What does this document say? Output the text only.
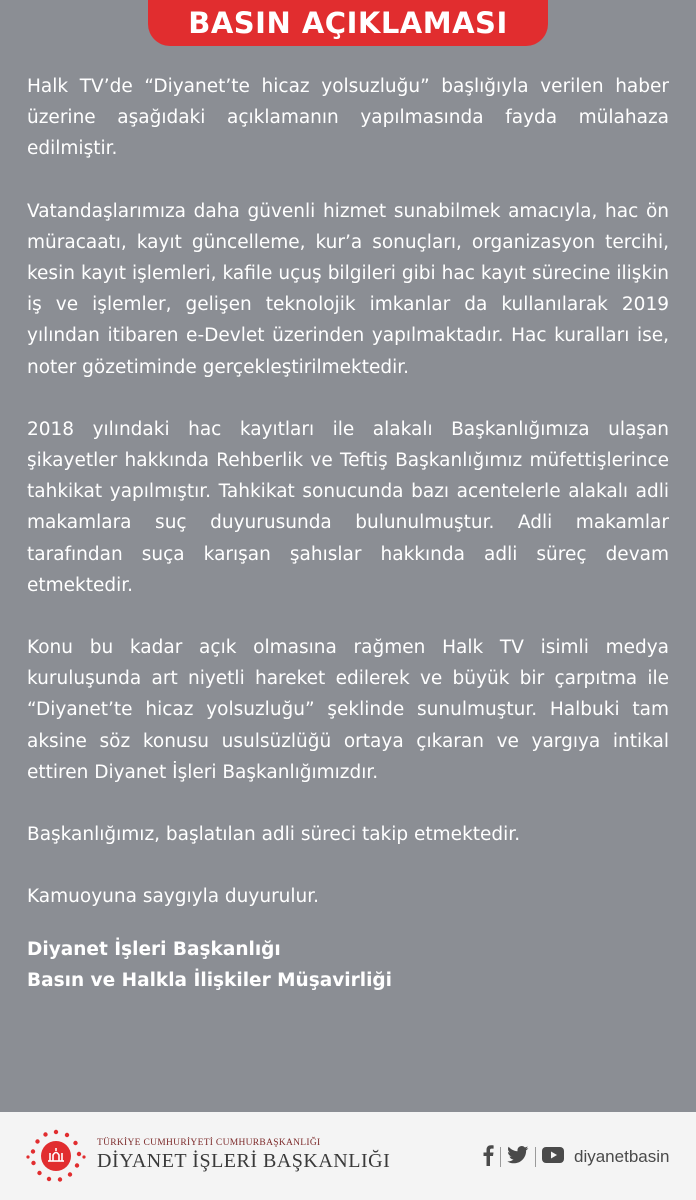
BASIN AÇIKLAMASI

Halk TV’de “Diyanet’te hicaz yolsuzluğu” başlığıyla verilen haber üzerine aşağıdaki açıklamanın yapılmasında fayda mülahaza edilmiştir.

Vatandaşlarımıza daha güvenli hizmet sunabilmek amacıyla, hac ön müracaatı, kayıt güncelleme, kur’a sonuçları, organizasyon tercihi, kesin kayıt işlemleri, kafile uçuş bilgileri gibi hac kayıt sürecine ilişkin iş ve işlemler, gelişen teknolojik imkanlar da kullanılarak 2019 yılından itibaren e-Devlet üzerinden yapılmaktadır. Hac kuralları ise, noter gözetiminde gerçekleştirilmektedir.

2018 yılındaki hac kayıtları ile alakalı Başkanlığımıza ulaşan şikayetler hakkında Rehberlik ve Teftiş Başkanlığımız müfettişlerince tahkikat yapılmıştır. Tahkikat sonucunda bazı acentelerle alakalı adli makamlara suç duyurusunda bulunulmuştur. Adli makamlar tarafından suça karışan şahıslar hakkında adli süreç devam etmektedir.

Konu bu kadar açık olmasına rağmen Halk TV isimli medya kuruluşunda art niyetli hareket edilerek ve büyük bir çarpıtma ile “Diyanet’te hicaz yolsuzluğu” şeklinde sunulmuştur. Halbuki tam aksine söz konusu usulsüzlüğü ortaya çıkaran ve yargıya intikal ettiren Diyanet İşleri Başkanlığımızdır.

Başkanlığımız, başlatılan adli süreci takip etmektedir.

Kamuoyuna saygıyla duyurulur.

Diyanet İşleri Başkanlığı
Basın ve Halkla İlişkiler Müşavirliği
TÜRKİYE CUMHURİYETİ CUMHURBAŞKANLIĞI
DİYANET İŞLERİ BAŞKANLIĞI	diyanetbasin
